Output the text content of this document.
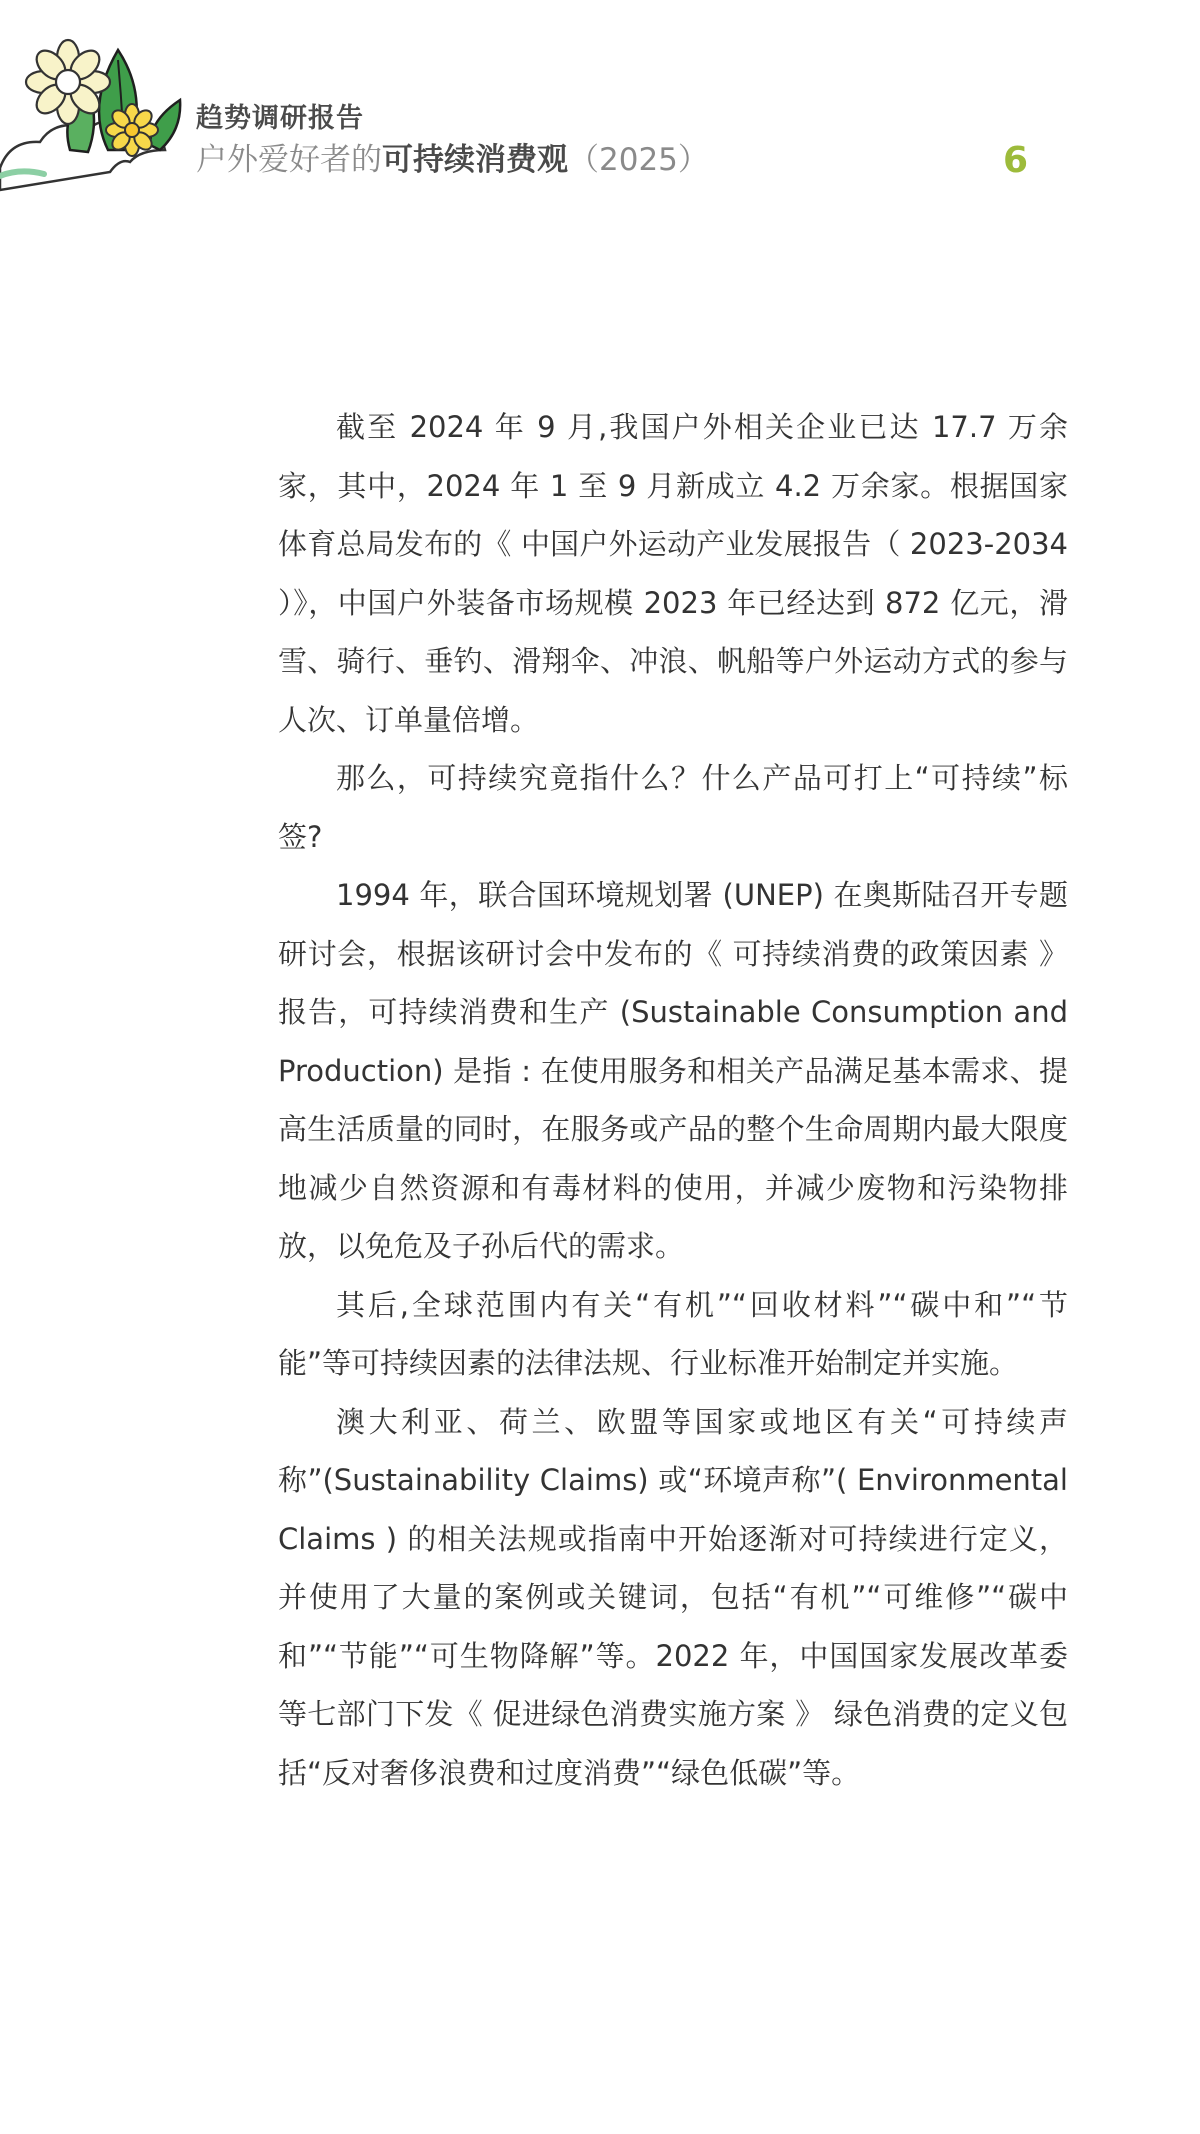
趋势调研报告
户外爱好者的可持续消费观（2025）	6

截至 2024 年 9 月,我国户外相关企业已达 17.7 万余家，其中，2024 年 1 至 9 月新成立 4.2 万余家。根据国家体育总局发布的《 中国户外运动产业发展报告（ 2023-2034 ）》，中国户外装备市场规模 2023 年已经达到 872 亿元，滑雪、骑行、垂钓、滑翔伞、冲浪、帆船等户外运动方式的参与人次、订单量倍增。

那么，可持续究竟指什么？什么产品可打上“可持续”标签?

1994 年，联合国环境规划署 (UNEP) 在奥斯陆召开专题研讨会，根据该研讨会中发布的《 可持续消费的政策因素 》报告，可持续消费和生产 (Sustainable Consumption and Production) 是指 : 在使用服务和相关产品满足基本需求、提高生活质量的同时，在服务或产品的整个生命周期内最大限度地减少自然资源和有毒材料的使用，并减少废物和污染物排放，以免危及子孙后代的需求。

其后,全球范围内有关“有机”“回收材料”“碳中和”“节能”等可持续因素的法律法规、行业标准开始制定并实施。

澳大利亚、荷兰、欧盟等国家或地区有关“可持续声称”(Sustainability Claims) 或“环境声称”( Environmental Claims ) 的相关法规或指南中开始逐渐对可持续进行定义，并使用了大量的案例或关键词，包括“有机”“可维修”“碳中和”“节能”“可生物降解”等。2022 年，中国国家发展改革委等七部门下发《 促进绿色消费实施方案 》 绿色消费的定义包括“反对奢侈浪费和过度消费”“绿色低碳”等。
